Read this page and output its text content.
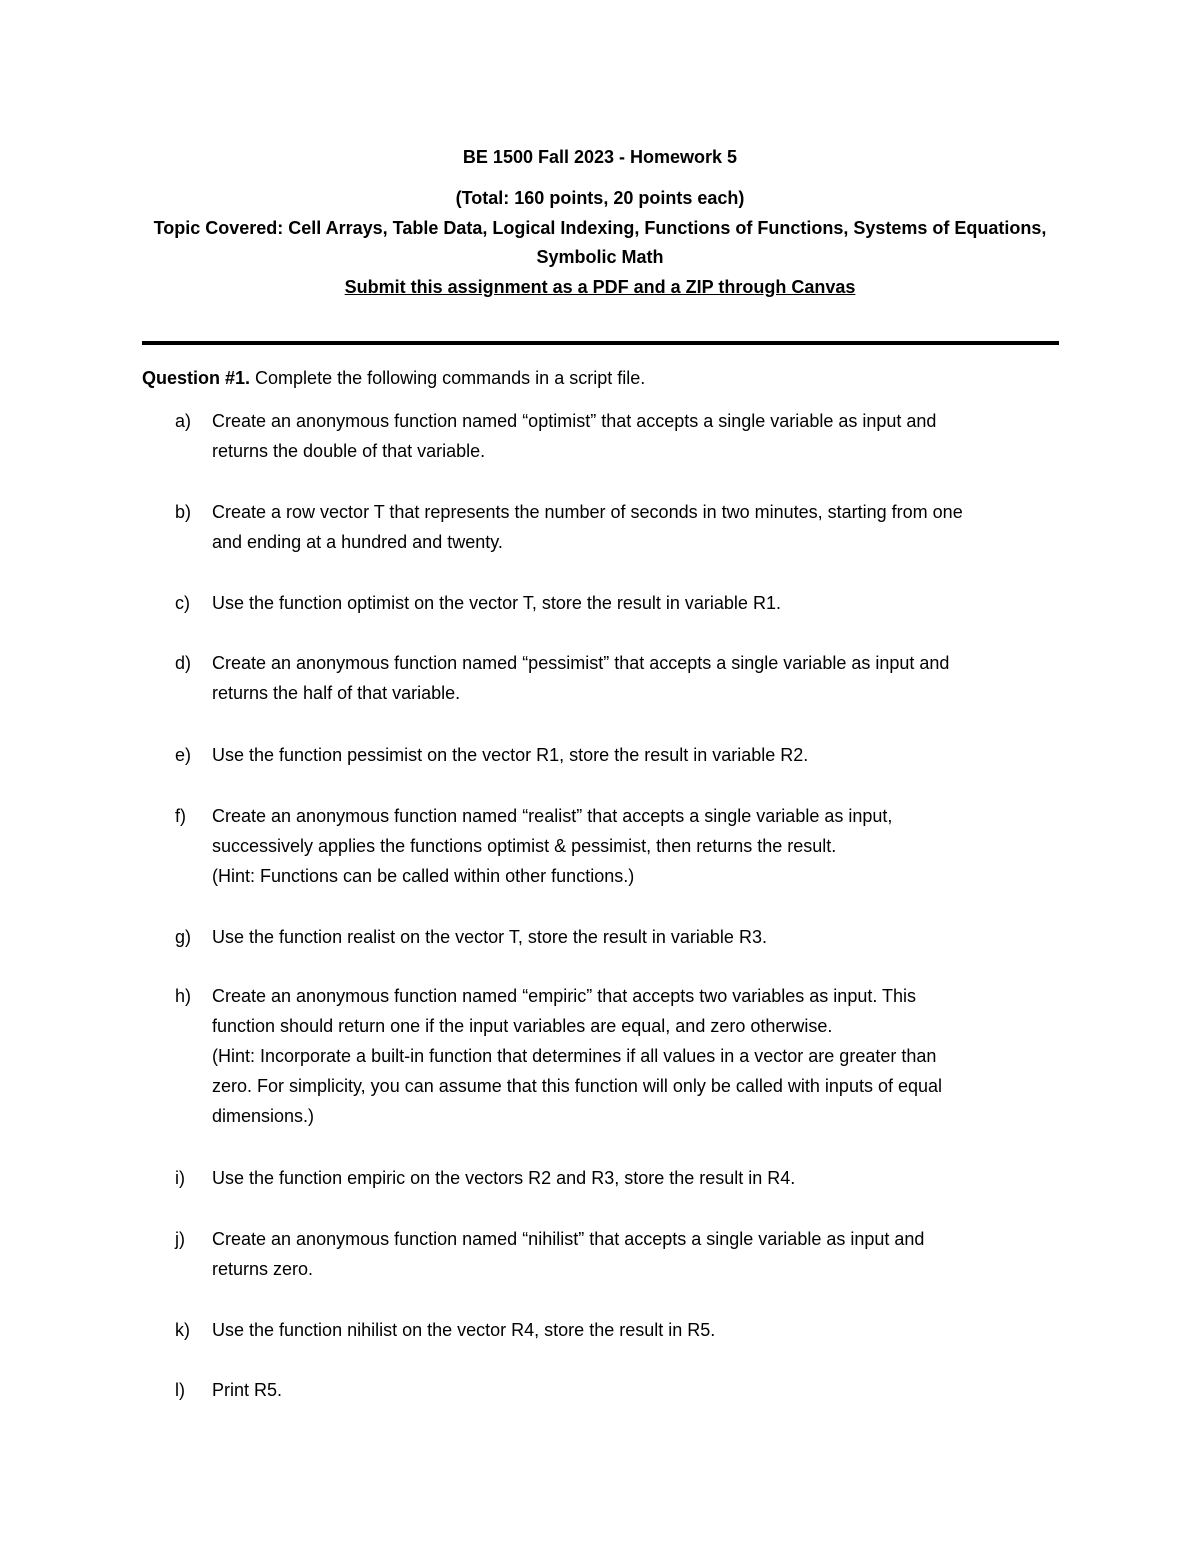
BE 1500 Fall 2023 - Homework 5
(Total: 160 points, 20 points each)
Topic Covered: Cell Arrays, Table Data, Logical Indexing, Functions of Functions, Systems of Equations,
Symbolic Math
Submit this assignment as a PDF and a ZIP through Canvas
Question #1. Complete the following commands in a script file.
a)	Create an anonymous function named “optimist” that accepts a single variable as input and
returns the double of that variable.
b)	Create a row vector T that represents the number of seconds in two minutes, starting from one
and ending at a hundred and twenty.
c)	Use the function optimist on the vector T, store the result in variable R1.
d)	Create an anonymous function named “pessimist” that accepts a single variable as input and
returns the half of that variable.
e)	Use the function pessimist on the vector R1, store the result in variable R2.
f)	Create an anonymous function named “realist” that accepts a single variable as input,
successively applies the functions optimist & pessimist, then returns the result.
(Hint: Functions can be called within other functions.)
g)	Use the function realist on the vector T, store the result in variable R3.
h)	Create an anonymous function named “empiric” that accepts two variables as input. This
function should return one if the input variables are equal, and zero otherwise.
(Hint: Incorporate a built-in function that determines if all values in a vector are greater than
zero. For simplicity, you can assume that this function will only be called with inputs of equal
dimensions.)
i)	Use the function empiric on the vectors R2 and R3, store the result in R4.
j)	Create an anonymous function named “nihilist” that accepts a single variable as input and
returns zero.
k)	Use the function nihilist on the vector R4, store the result in R5.
l)	Print R5.
